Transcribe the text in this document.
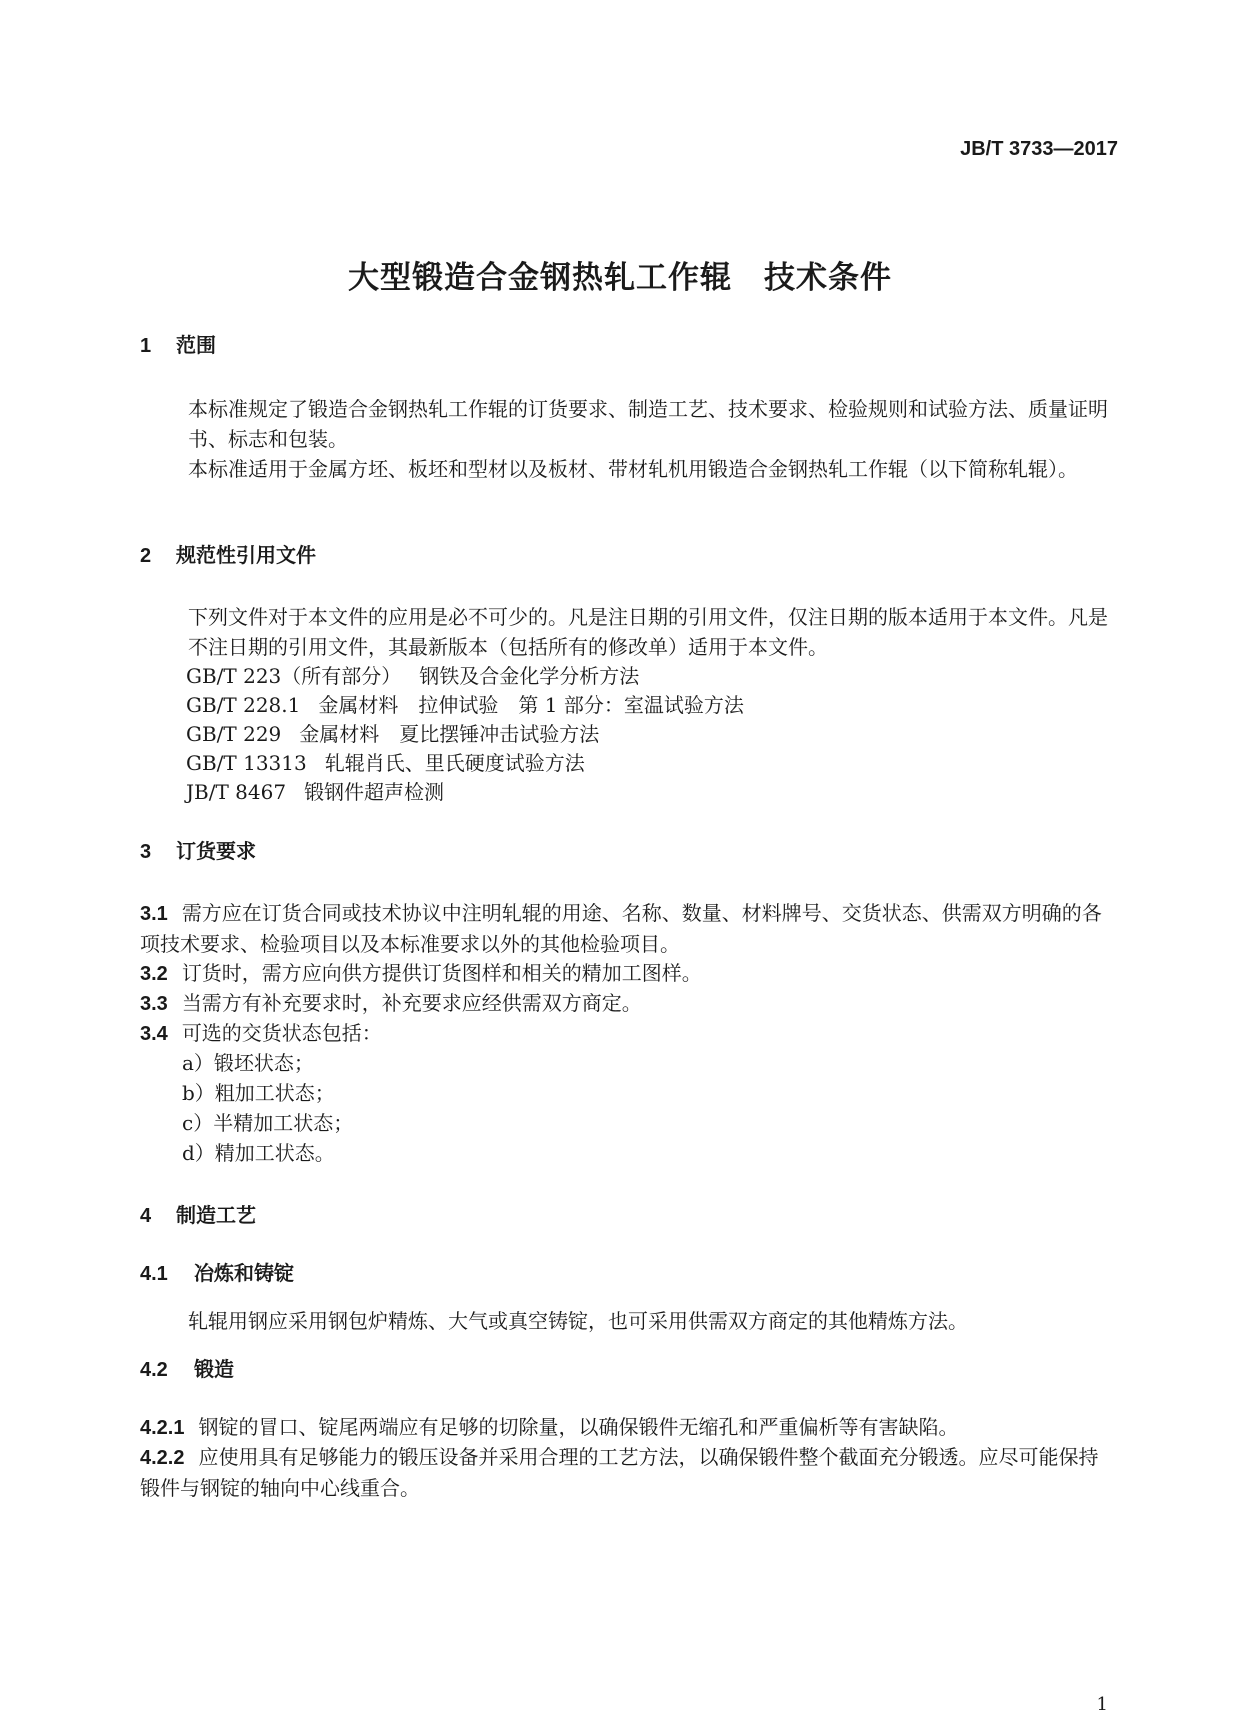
JB/T 3733—2017
大型锻造合金钢热轧工作辊　技术条件
1 范围
本标准规定了锻造合金钢热轧工作辊的订货要求、制造工艺、技术要求、检验规则和试验方法、质量证明书、标志和包装。
本标准适用于金属方坯、板坯和型材以及板材、带材轧机用锻造合金钢热轧工作辊（以下简称轧辊）。
2 规范性引用文件
下列文件对于本文件的应用是必不可少的。凡是注日期的引用文件，仅注日期的版本适用于本文件。凡是不注日期的引用文件，其最新版本（包括所有的修改单）适用于本文件。
GB/T 223（所有部分） 钢铁及合金化学分析方法
GB/T 228.1 金属材料　拉伸试验　第 1 部分：室温试验方法
GB/T 229 金属材料　夏比摆锤冲击试验方法
GB/T 13313 轧辊肖氏、里氏硬度试验方法
JB/T 8467 锻钢件超声检测
3 订货要求
3.1 需方应在订货合同或技术协议中注明轧辊的用途、名称、数量、材料牌号、交货状态、供需双方明确的各项技术要求、检验项目以及本标准要求以外的其他检验项目。
3.2 订货时，需方应向供方提供订货图样和相关的精加工图样。
3.3 当需方有补充要求时，补充要求应经供需双方商定。
3.4 可选的交货状态包括：
a）锻坯状态；
b）粗加工状态；
c）半精加工状态；
d）精加工状态。
4 制造工艺
4.1 冶炼和铸锭
轧辊用钢应采用钢包炉精炼、大气或真空铸锭，也可采用供需双方商定的其他精炼方法。
4.2 锻造
4.2.1 钢锭的冒口、锭尾两端应有足够的切除量，以确保锻件无缩孔和严重偏析等有害缺陷。
4.2.2 应使用具有足够能力的锻压设备并采用合理的工艺方法，以确保锻件整个截面充分锻透。应尽可能保持锻件与钢锭的轴向中心线重合。
1
